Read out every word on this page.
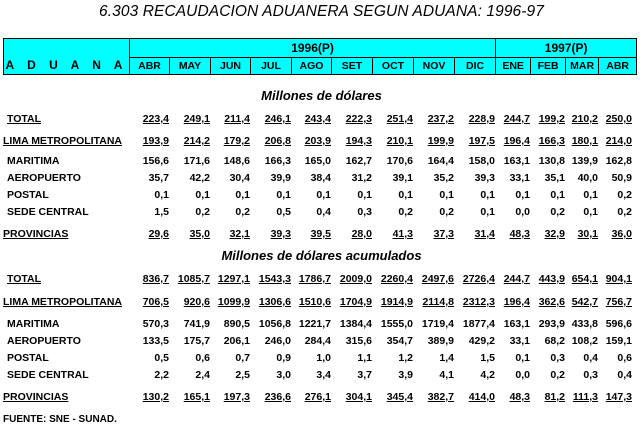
6.303 RECAUDACION ADUANERA SEGUN ADUANA: 1996-97
A D U A N A	1996(P)									1997(P)			
	ABR	MAY	JUN	JUL	AGO	SET	OCT	NOV	DIC	ENE	FEB	MAR	ABR
Millones de dólares
TOTAL	223,4 249,1 211,4 246,1 243,4 222,3 251,4 237,2 228,9 244,7 199,2 210,2 250,0
LIMA METROPOLITANA 193,9 214,2 179,2 206,8 203,9 194,3 210,1 199,9 197,5 196,4 166,3 180,1 214,0
MARITIMA	156,6 171,6 148,6 166,3 165,0 162,7 170,6 164,4 158,0 163,1 130,8 139,9 162,8
AEROPUERTO	35,7 42,2 30,4 39,9 38,4 31,2 39,1 35,2 39,3 33,1 35,1 40,0 50,9
POSTAL	0,1	0,1 0,1	0,1 0,1	0,1	0,1	0,1	0,1 0,1 0,1 0,1 0,2
SEDE CENTRAL	1,5	0,2 0,2	0,5 0,4	0,3	0,2	0,2	0,1 0,0 0,2 0,1 0,2
PROVINCIAS	29,6 35,0 32,1 39,3 39,5 28,0 41,3 37,3 31,4 48,3 32,9 30,1 36,0
Millones de dólares acumulados
TOTAL	836,7 1085,7 1297,1 1543,3 1786,7 2009,0 2260,4 2497,6 2726,4 244,7 443,9 654,1 904,1
LIMA METROPOLITANA 706,5 920,6 1099,9 1306,6 1510,6 1704,9 1914,9 2114,8 2312,3 196,4 362,6 542,7 756,7
MARITIMA	570,3 741,9 890,5 1056,8 1221,7 1384,4 1555,0 1719,4 1877,4 163,1 293,9 433,8 596,6
AEROPUERTO	133,5 175,7 206,1 246,0 284,4 315,6 354,7 389,9 429,2 33,1 68,2 108,2 159,1
POSTAL	0,5	0,6 0,7	0,9 1,0	1,1	1,2	1,4	1,5 0,1 0,3 0,4 0,6
SEDE CENTRAL	2,2	2,4 2,5	3,0 3,4	3,7	3,9	4,1	4,2 0,0 0,2 0,3 0,4
PROVINCIAS	130,2 165,1 197,3 236,6 276,1 304,1 345,4 382,7 414,0 48,3 81,2 111,3 147,3
FUENTE: SNE - SUNAD.
